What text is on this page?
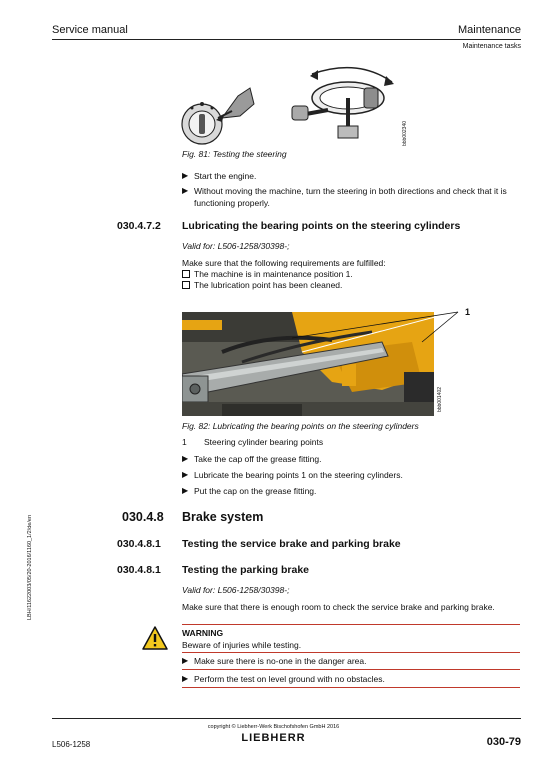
Service manual	Maintenance
Maintenance tasks
bbb002340
Fig. 81: Testing the steering
▶ Start the engine.
▶ Without moving the machine, turn the steering in both directions and check that it is functioning properly.
030.4.7.2 Lubricating the bearing points on the steering cylinders
Valid for: L506-1258/30398-;
Make sure that the following requirements are fulfilled:
The machine is in maintenance position 1.
The lubrication point has been cleaned.
1
bbb001402
Fig. 82: Lubricating the bearing points on the steering cylinders
1	Steering cylinder bearing points
▶ Take the cap off the grease fitting.
▶ Lubricate the bearing points 1 on the steering cylinders.
▶ Put the cap on the grease fitting.
030.4.8 Brake system
030.4.8.1 Testing the service brake and parking brake
030.4.8.1 Testing the parking brake
Valid for: L506-1258/30398-;
Make sure that there is enough room to check the service brake and parking brake.
WARNING
Beware of injuries while testing.
▶ Make sure there is no-one in the danger area.
▶ Perform the test on level ground with no obstacles.
LBH/11622003/05/20-2016/1160_1/2/de/en
copyright © Liebherr-Werk Bischofshofen GmbH 2016
LIEBHERR
L506-1258	030-79
